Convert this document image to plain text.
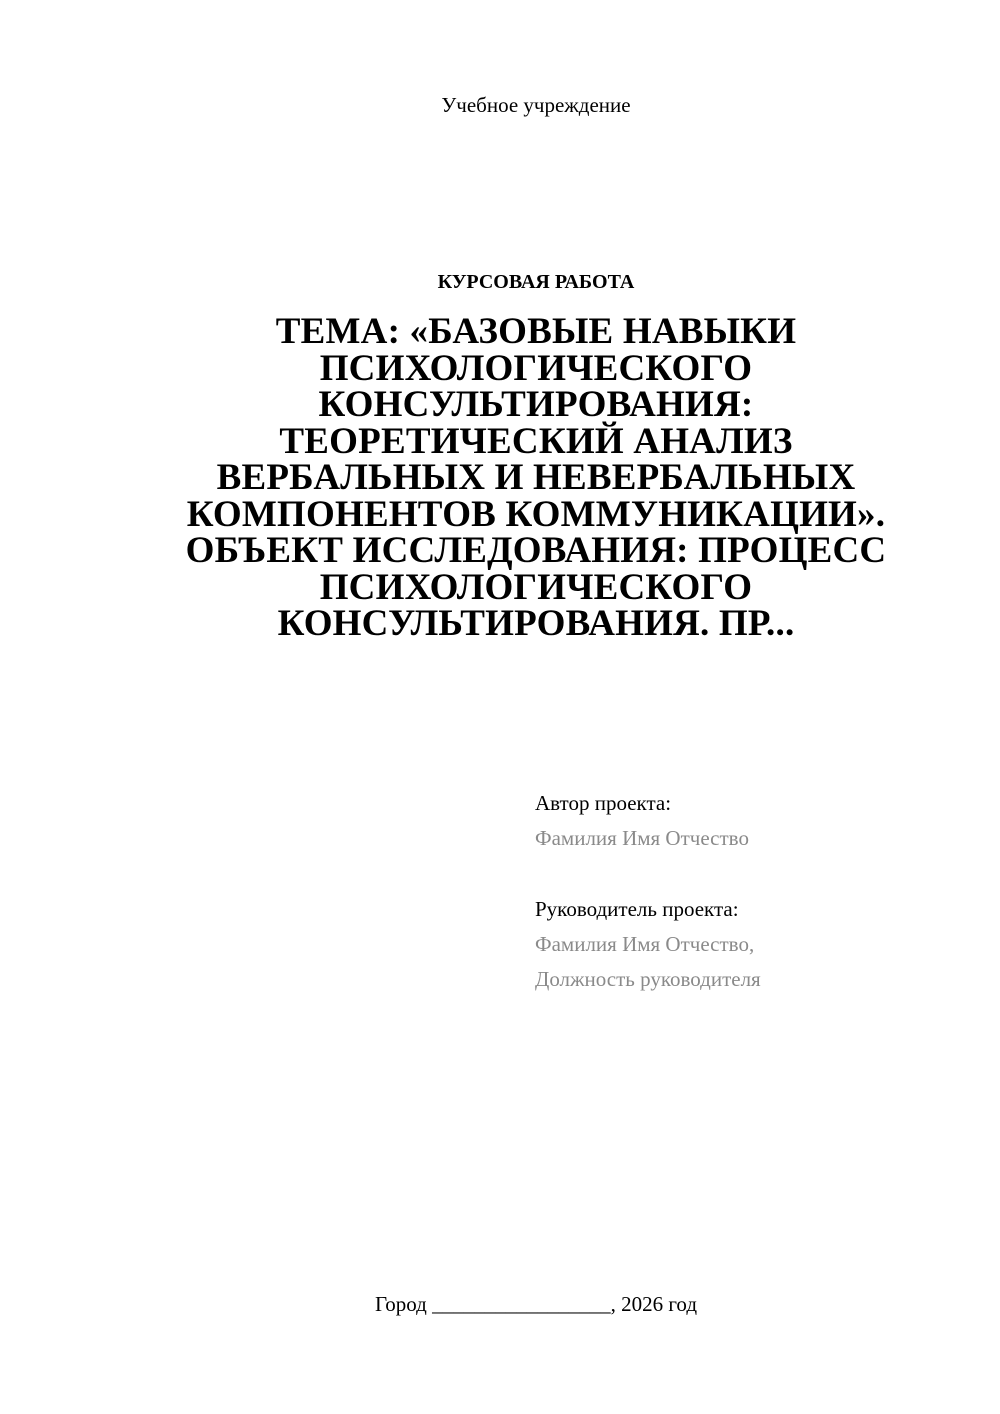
Учебное учреждение
КУРСОВАЯ РАБОТА
ТЕМА: «БАЗОВЫЕ НАВЫКИ
ПСИХОЛОГИЧЕСКОГО
КОНСУЛЬТИРОВАНИЯ:
ТЕОРЕТИЧЕСКИЙ АНАЛИЗ
ВЕРБАЛЬНЫХ И НЕВЕРБАЛЬНЫХ
КОМПОНЕНТОВ КОММУНИКАЦИИ».
ОБЪЕКТ ИССЛЕДОВАНИЯ: ПРОЦЕСС
ПСИХОЛОГИЧЕСКОГО
КОНСУЛЬТИРОВАНИЯ. ПР...
Автор проекта:
Фамилия Имя Отчество
Руководитель проекта:
Фамилия Имя Отчество,
Должность руководителя
Город _________________, 2026 год
